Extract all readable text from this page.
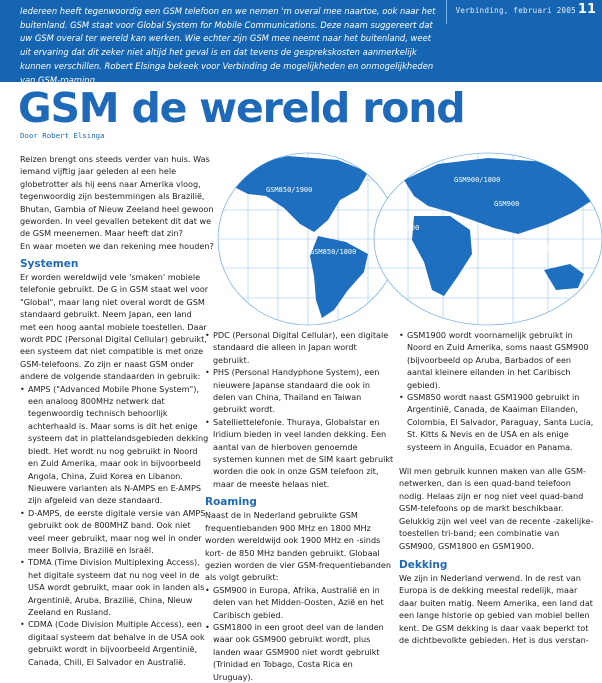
Iedereen heeft tegenwoordig een GSM telefoon en we nemen 'm overal mee naartoe, ook naar het buitenland. GSM staat voor Global System for Mobile Communications. Deze naam suggereert dat uw GSM overal ter wereld kan werken. Wie echter zijn GSM mee neemt naar het buitenland, weet uit ervaring dat dit zeker niet altijd het geval is en dat tevens de gesprekskosten aanmerkelijk kunnen verschillen. Robert Elsinga bekeek voor Verbinding de mogelijkheden en onmogelijkheden van GSM-roaming.
Verbinding, februari 2005 11
GSM de wereld rond
Door Robert Elsinga

Reizen brengt ons steeds verder van huis. Was iemand vijftig jaar geleden al een hele globetrotter als hij eens naar Amerika vloog, tegenwoordig zijn bestemmingen als Brazilië, Bhutan, Gambia of Nieuw Zeeland heel gewoon geworden. In veel gevallen betekent dit dat we de GSM meenemen. Maar heeft dat zin?

En waar moeten we dan rekening mee houden?

GSM850/1900
GSM900/1800
GSM900
GSM900
GSM850/1800	GSM850/1800
Systemen

Er worden wereldwijd vele 'smaken' mobiele telefonie gebruikt. De G in GSM staat wel voor "Global", maar lang niet overal wordt de GSM standaard gebruikt. Neem Japan, een land met een hoog aantal mobiele toestellen. Daar wordt PDC (Personal Digital Cellular) gebruikt, een systeem dat niet compatible is met onze GSM-telefoons. Zo zijn er naast GSM onder andere de volgende standaarden in gebruik:

• AMPS ("Advanced Mobile Phone System"), een analoog 800MHz netwerk dat tegenwoordig technisch behoorlijk achterhaald is. Maar soms is dit het enige systeem dat in plattelandsgebieden dekking biedt. Het wordt nu nog gebruikt in Noord en Zuid Amerika, maar ook in bijvoorbeeld Angola, China, Zuid Korea en Libanon. Nieuwere varianten als N-AMPS en E-AMPS zijn afgeleid van deze standaard.
• D-AMPS, de eerste digitale versie van AMPS gebruikt ook de 800MHZ band. Ook niet veel meer gebruikt, maar nog wel in onder meer Bolivia, Brazilië en Israël.
• TDMA (Time Division Multiplexing Access), het digitale systeem dat nu nog veel in de USA wordt gebruikt, maar ook in landen als Argentinië, Aruba, Brazilië, China, Nieuw Zeeland en Rusland.
• CDMA (Code Division Multiple Access), een digitaal systeem dat behalve in de USA ook gebruikt wordt in bijvoorbeeld Argentinië, Canada, Chili, El Salvador en Australië.
• PDC (Personal Digital Cellular), een digitale standaard die alleen in Japan wordt gebruikt.
• PHS (Personal Handyphone System), een nieuwere Japanse standaard die ook in delen van China, Thailand en Taiwan gebruikt wordt.
• Satelliettelefonie. Thuraya, Globalstar en Iridium bieden in veel landen dekking. Een aantal van de hierboven genoemde systemen kunnen met de SIM kaart gebruikt worden die ook in onze GSM telefoon zit, maar de meeste helaas niet.
Roaming

Naast de in Nederland gebruikte GSM frequentiebanden 900 MHz en 1800 MHz worden wereldwijd ook 1900 MHz en -sinds kort- de 850 MHz banden gebruikt. Globaal gezien worden de vier GSM-frequentiebanden als volgt gebruikt:

• GSM900 in Europa, Afrika, Australië en in delen van het Midden-Oosten, Azië en het Caribisch gebied.
• GSM1800 in een groot deel van de landen waar ook GSM900 gebruikt wordt, plus landen waar GSM900 niet wordt gebruikt (Trinidad en Tobago, Costa Rica en Uruguay).
• GSM1900 wordt voornamelijk gebruikt in Noord en Zuid Amerika, soms naast GSM900 (bijvoorbeeld op Aruba, Barbados of een aantal kleinere eilanden in het Caribisch gebied).
• GSM850 wordt naast GSM1900 gebruikt in Argentinië, Canada, de Kaaiman Eilanden, Colombia, El Salvador, Paraguay, Santa Lucia, St. Kitts & Nevis en de USA en als enige systeem in Anguila, Ecuador en Panama.

Wil men gebruik kunnen maken van alle GSM-netwerken, dan is een quad-band telefoon nodig. Helaas zijn er nog niet veel quad-band GSM-telefoons op de markt beschikbaar. Gelukkig zijn wel veel van de recente -zakelijke- toestellen tri-band; een combinatie van GSM900, GSM1800 en GSM1900.

Dekking

We zijn in Nederland verwend. In de rest van Europa is de dekking meestal redelijk, maar daar buiten matig. Neem Amerika, een land dat een lange historie op gebied van mobiel bellen kent. De GSM dekking is daar vaak beperkt tot de dichtbevolkte gebieden. Het is dus verstan-
